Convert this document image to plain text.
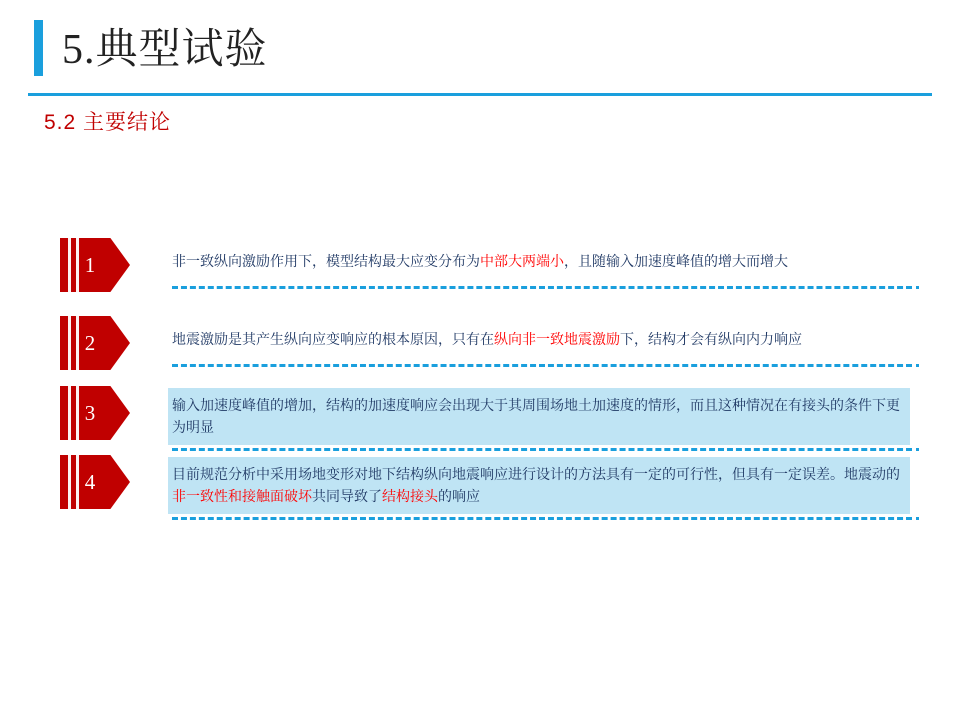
5.典型试验
5.2 主要结论
1	非一致纵向激励作用下，模型结构最大应变分布为中部大两端小，且随输入加速度峰值的增大而增大
2	地震激励是其产生纵向应变响应的根本原因，只有在纵向非一致地震激励下，结构才会有纵向内力响应
3	输入加速度峰值的增加，结构的加速度响应会出现大于其周围场地土加速度的情形，而且这种情况在有接头的条件下更为明显
4	目前规范分析中采用场地变形对地下结构纵向地震响应进行设计的方法具有一定的可行性，但具有一定误差。地震动的非一致性和接触面破坏共同导致了结构接头的响应
